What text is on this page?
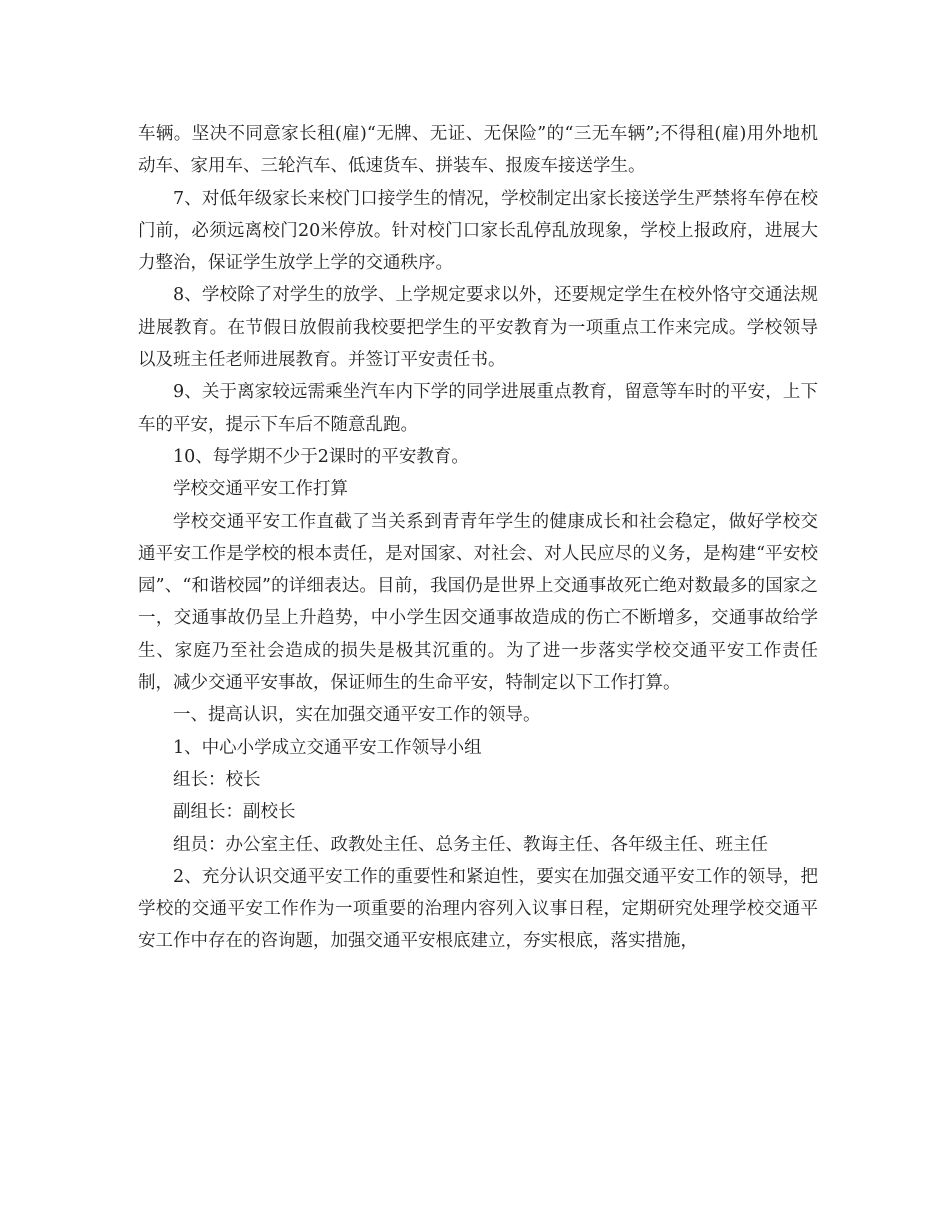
车辆。坚决不同意家长租(雇)“无牌、无证、无保险”的“三无车辆”;不得租(雇)用外地机动车、家用车、三轮汽车、低速货车、拼装车、报废车接送学生。

7、对低年级家长来校门口接学生的情况，学校制定出家长接送学生严禁将车停在校门前，必须远离校门20米停放。针对校门口家长乱停乱放现象，学校上报政府，进展大力整治，保证学生放学上学的交通秩序。

8、学校除了对学生的放学、上学规定要求以外，还要规定学生在校外恪守交通法规进展教育。在节假日放假前我校要把学生的平安教育为一项重点工作来完成。学校领导以及班主任老师进展教育。并签订平安责任书。

9、关于离家较远需乘坐汽车内下学的同学进展重点教育，留意等车时的平安，上下车的平安，提示下车后不随意乱跑。

10、每学期不少于2课时的平安教育。

学校交通平安工作打算

学校交通平安工作直截了当关系到青青年学生的健康成长和社会稳定，做好学校交通平安工作是学校的根本责任，是对国家、对社会、对人民应尽的义务，是构建“平安校园”、“和谐校园”的详细表达。目前，我国仍是世界上交通事故死亡绝对数最多的国家之一，交通事故仍呈上升趋势，中小学生因交通事故造成的伤亡不断增多，交通事故给学生、家庭乃至社会造成的损失是极其沉重的。为了进一步落实学校交通平安工作责任制，减少交通平安事故，保证师生的生命平安，特制定以下工作打算。

一、提高认识，实在加强交通平安工作的领导。

1、中心小学成立交通平安工作领导小组

组长：校长

副组长：副校长

组员：办公室主任、政教处主任、总务主任、教诲主任、各年级主任、班主任

2、充分认识交通平安工作的重要性和紧迫性，要实在加强交通平安工作的领导，把学校的交通平安工作作为一项重要的治理内容列入议事日程，定期研究处理学校交通平安工作中存在的咨询题，加强交通平安根底建立，夯实根底，落实措施，
